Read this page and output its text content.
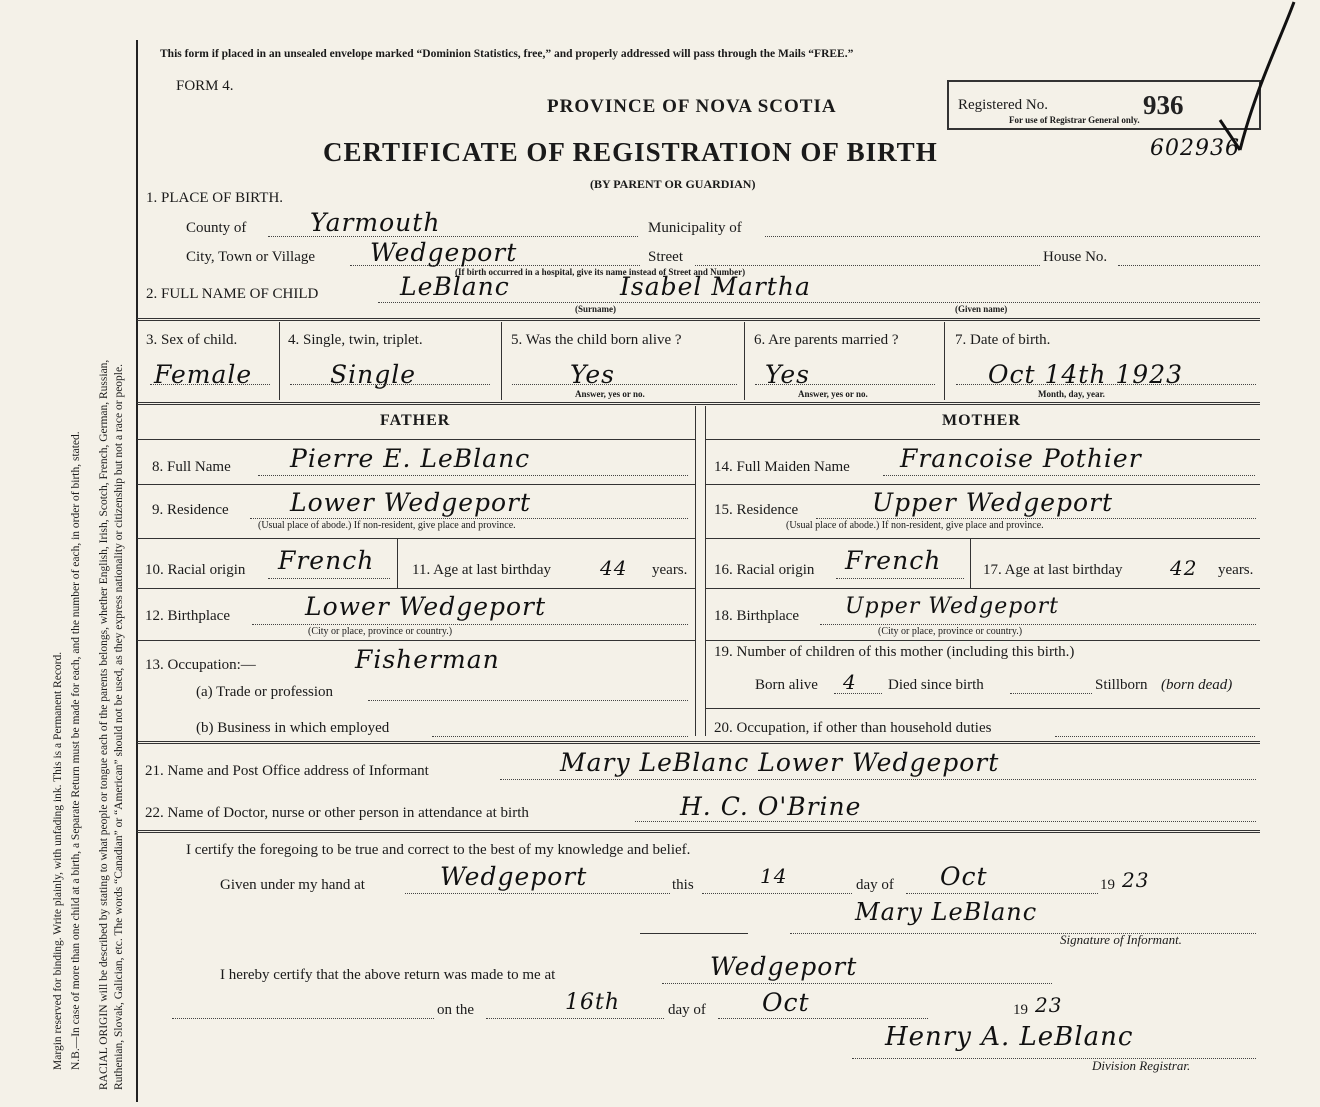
Margin reserved for binding. Write plainly, with unfading ink. This is a Permanent Record. N.B.—In case of more than one child at a birth, a Separate Return must be made for each, and the number of each, in order of birth, stated. RACIAL ORIGIN will be described by stating to what people or tongue each of the parents belongs, whether English, Irish, Scotch, French, German, Russian, Ruthenian, Slovak, Galician, etc. The words “Canadian” or “American” should not be used, as they express nationality or citizenship but not a race or people.
This form if placed in an unsealed envelope marked “Dominion Statistics, free,” and properly addressed will pass through the Mails “FREE.”
FORM 4.
PROVINCE OF NOVA SCOTIA
CERTIFICATE OF REGISTRATION OF BIRTH
(BY PARENT OR GUARDIAN)
Registered No.	936
For use of Registrar General only.
602936
1. PLACE OF BIRTH.
County of	Yarmouth	Municipality of
City, Town or Village Wedgeport	Street	House No.
(If birth occurred in a hospital, give its name instead of Street and Number)
2. FULL NAME OF CHILD	LeBlanc	Isabel Martha
(Surname)	(Given name)
3. Sex of child.
Female
4. Single, twin, triplet.
Single
5. Was the child born alive ?
Yes
Answer, yes or no.
6. Are parents married ?
Yes
Answer, yes or no.
7. Date of birth.
Oct 14th 1923
Month, day, year.
FATHER	MOTHER
8. Full Name Pierre E. LeBlanc
9. Residence Lower Wedgeport
(Usual place of abode.) If non-resident, give place and province.
10. Racial origin French	11. Age at last birthday 44 years.
12. Birthplace	Lower Wedgeport
(City or place, province or country.)
13. Occupation:—	Fisherman
(a) Trade or profession
(b) Business in which employed
14. Full Maiden Name Francoise Pothier
15. Residence	Upper Wedgeport
(Usual place of abode.) If non-resident, give place and province.
16. Racial origin French	17. Age at last birthday 42 years.
18. Birthplace Upper Wedgeport
(City or place, province or country.)
19. Number of children of this mother (including this birth.)
Born alive 4 Died since birth	Stillborn (born dead)
20. Occupation, if other than household duties
21. Name and Post Office address of Informant	Mary LeBlanc Lower Wedgeport
22. Name of Doctor, nurse or other person in attendance at birth	H. C. O'Brine
I certify the foregoing to be true and correct to the best of my knowledge and belief.
Given under my hand at	Wedgeport	this	14	day of Oct	19 23
Mary LeBlanc
Signature of Informant.
I hereby certify that the above return was made to me at	Wedgeport
on the	16th	day of Oct	19 23
Henry A. LeBlanc
Division Registrar.
